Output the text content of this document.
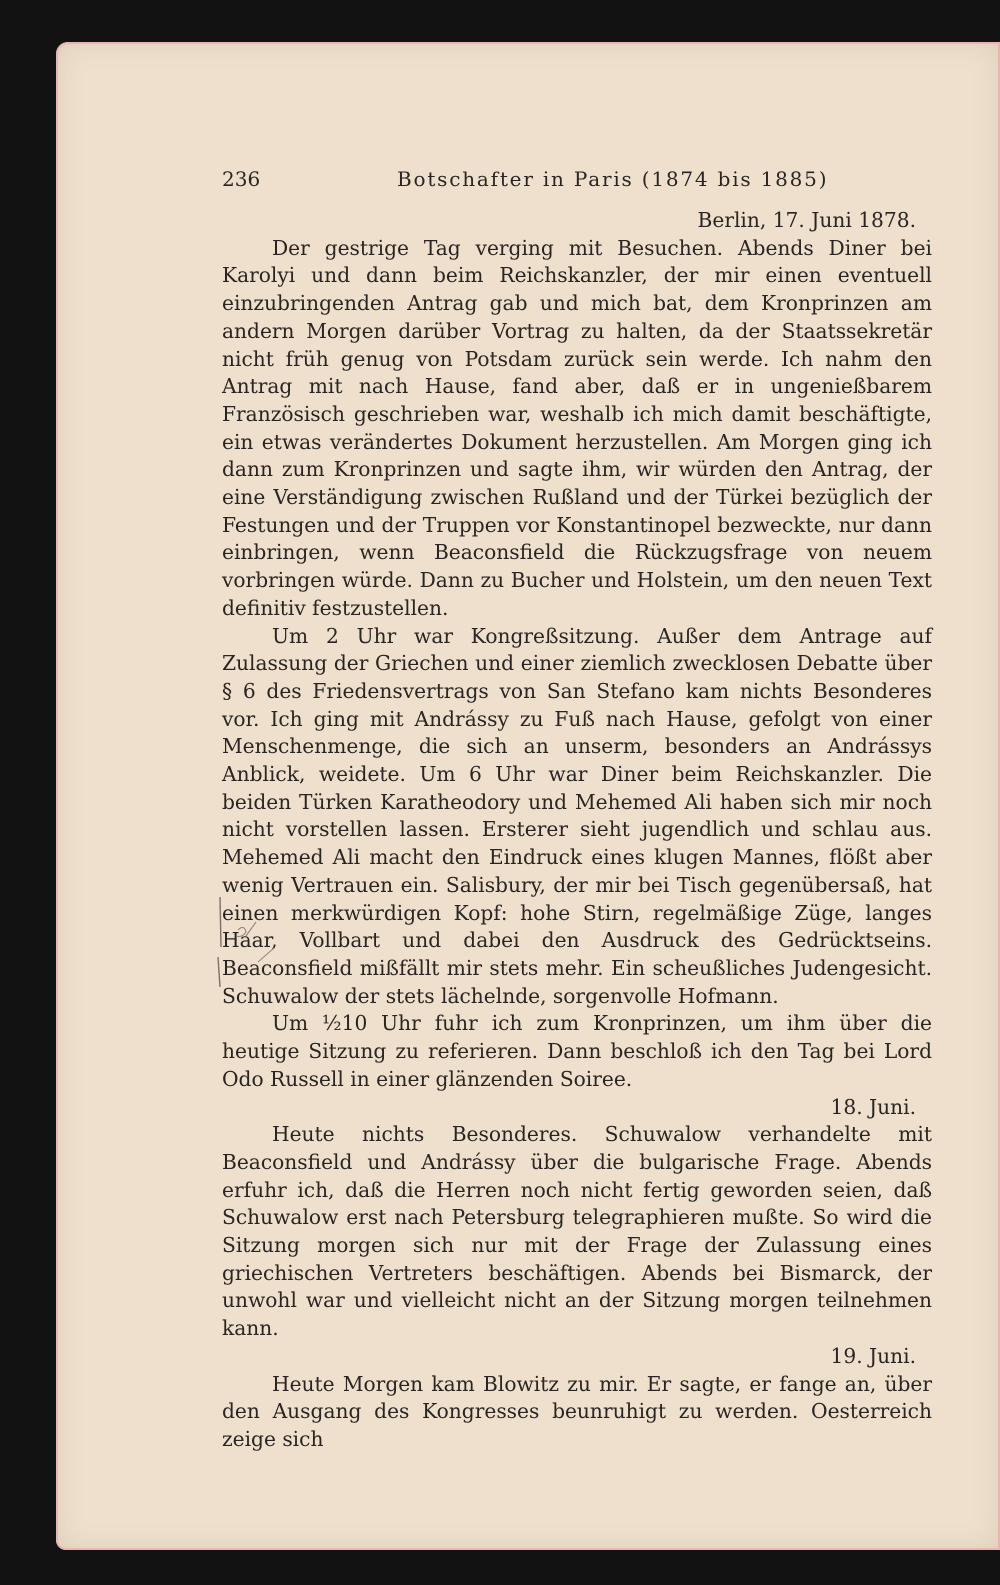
236	Botschafter in Paris (1874 bis 1885)
Berlin, 17. Juni 1878.

Der gestrige Tag verging mit Besuchen. Abends Diner bei Karolyi und dann beim Reichskanzler, der mir einen eventuell einzubringenden Antrag gab und mich bat, dem Kronprinzen am andern Morgen darüber Vortrag zu halten, da der Staatssekretär nicht früh genug von Potsdam zurück sein werde. Ich nahm den Antrag mit nach Hause, fand aber, daß er in ungenießbarem Französisch geschrieben war, weshalb ich mich damit beschäftigte, ein etwas verändertes Dokument herzustellen. Am Morgen ging ich dann zum Kronprinzen und sagte ihm, wir würden den Antrag, der eine Verständigung zwischen Rußland und der Türkei bezüglich der Festungen und der Truppen vor Konstantinopel bezweckte, nur dann einbringen, wenn Beaconsfield die Rückzugsfrage von neuem vorbringen würde. Dann zu Bucher und Holstein, um den neuen Text definitiv festzustellen.

Um 2 Uhr war Kongreßsitzung. Außer dem Antrage auf Zulassung der Griechen und einer ziemlich zwecklosen Debatte über § 6 des Friedensvertrags von San Stefano kam nichts Besonderes vor. Ich ging mit Andrássy zu Fuß nach Hause, gefolgt von einer Menschenmenge, die sich an unserm, besonders an Andrássys Anblick, weidete. Um 6 Uhr war Diner beim Reichskanzler. Die beiden Türken Karatheodory und Mehemed Ali haben sich mir noch nicht vorstellen lassen. Ersterer sieht jugendlich und schlau aus. Mehemed Ali macht den Eindruck eines klugen Mannes, flößt aber wenig Vertrauen ein. Salisbury, der mir bei Tisch gegenübersaß, hat einen merkwürdigen Kopf: hohe Stirn, regelmäßige Züge, langes Haar, Vollbart und dabei den Ausdruck des Gedrücktseins. Beaconsfield mißfällt mir stets mehr. Ein scheußliches Judengesicht. Schuwalow der stets lächelnde, sorgenvolle Hofmann.

Um ½10 Uhr fuhr ich zum Kronprinzen, um ihm über die heutige Sitzung zu referieren. Dann beschloß ich den Tag bei Lord Odo Russell in einer glänzenden Soiree.

18. Juni.

Heute nichts Besonderes. Schuwalow verhandelte mit Beaconsfield und Andrássy über die bulgarische Frage. Abends erfuhr ich, daß die Herren noch nicht fertig geworden seien, daß Schuwalow erst nach Petersburg telegraphieren mußte. So wird die Sitzung morgen sich nur mit der Frage der Zulassung eines griechischen Vertreters beschäftigen. Abends bei Bismarck, der unwohl war und vielleicht nicht an der Sitzung morgen teilnehmen kann.

19. Juni.

Heute Morgen kam Blowitz zu mir. Er sagte, er fange an, über den Ausgang des Kongresses beunruhigt zu werden. Oesterreich zeige sich
